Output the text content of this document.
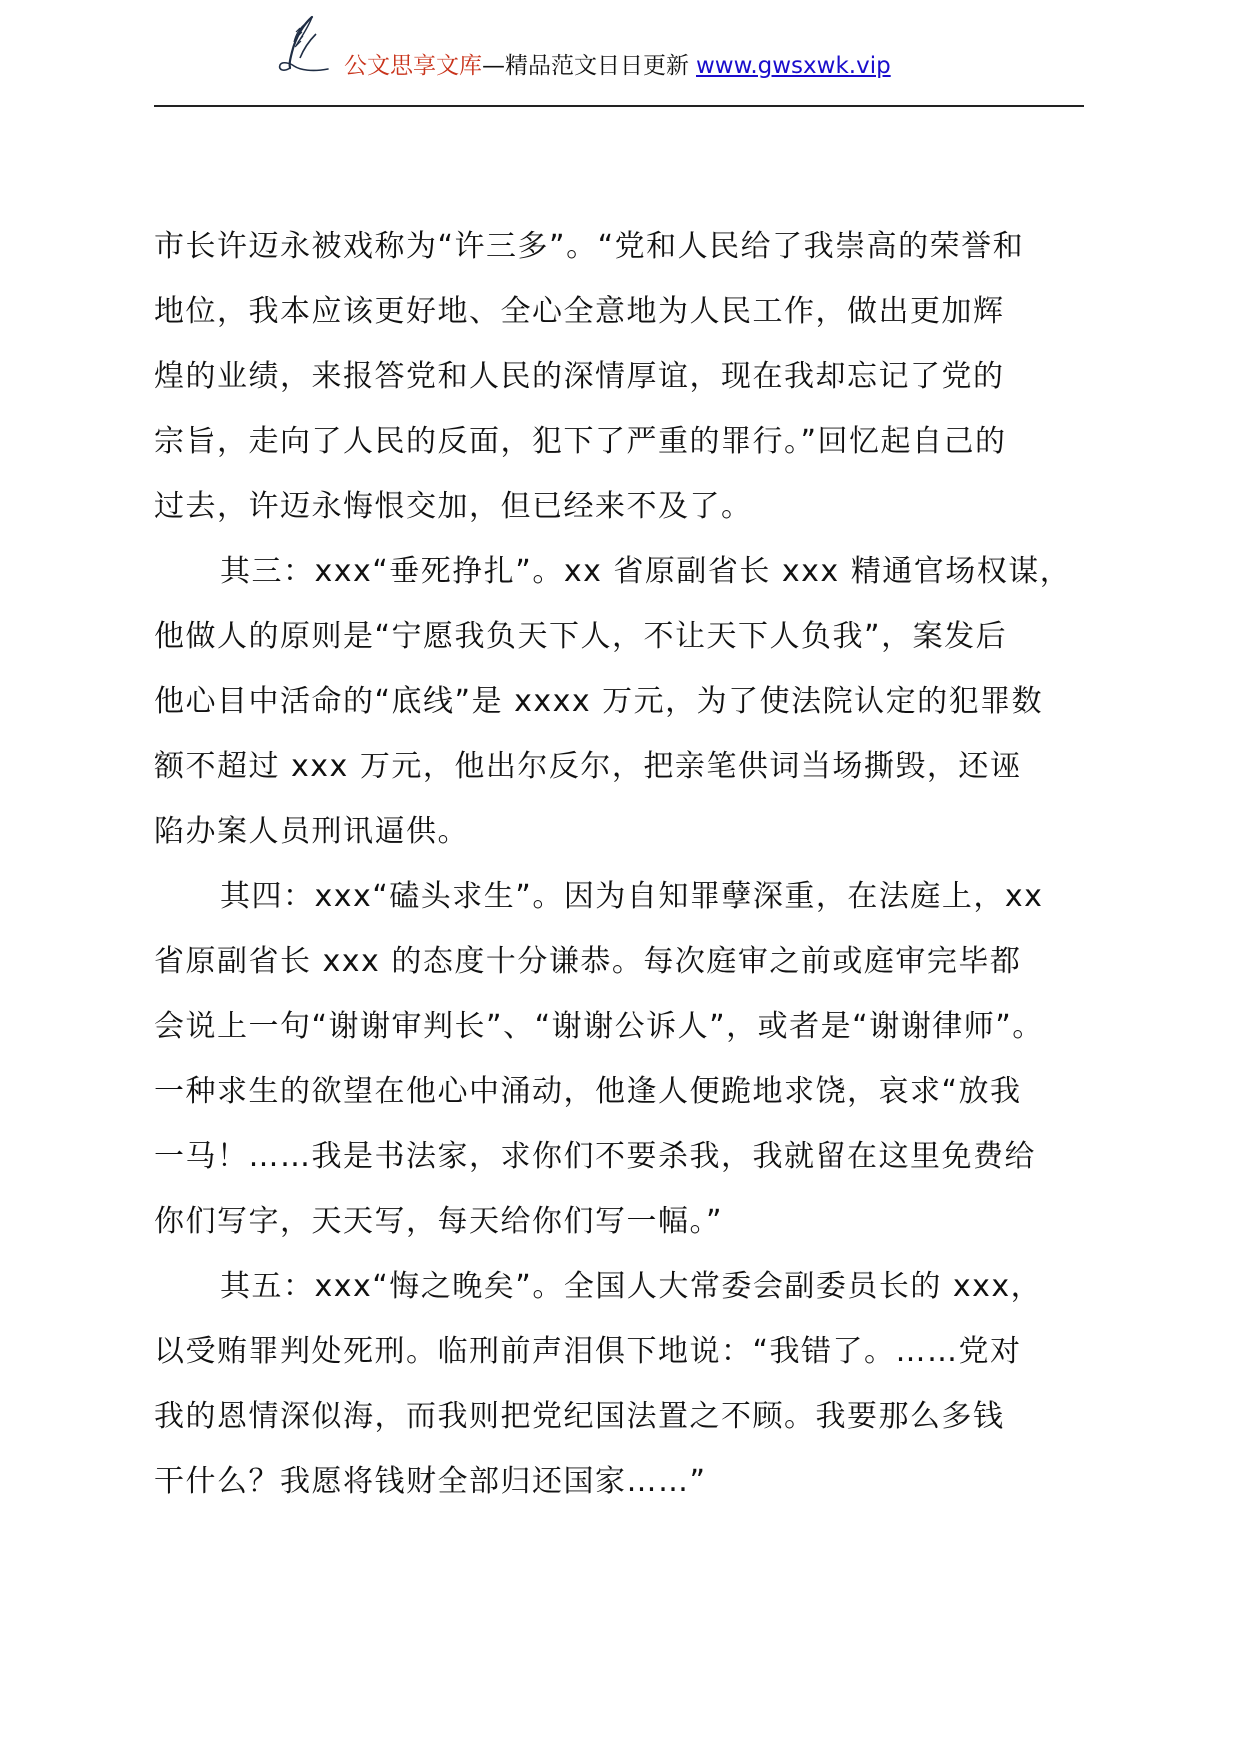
公文思享文库—精品范文日日更新 www.gwsxwk.vip
市长许迈永被戏称为“许三多”。“党和人民给了我崇高的荣誉和
地位，我本应该更好地、全心全意地为人民工作，做出更加辉
煌的业绩，来报答党和人民的深情厚谊，现在我却忘记了党的
宗旨，走向了人民的反面，犯下了严重的罪行。”回忆起自己的
过去，许迈永悔恨交加，但已经来不及了。
其三：xxx“垂死挣扎”。xx 省原副省长 xxx 精通官场权谋，
他做人的原则是“宁愿我负天下人，不让天下人负我”，案发后
他心目中活命的“底线”是 xxxx 万元，为了使法院认定的犯罪数
额不超过 xxx 万元，他出尔反尔，把亲笔供词当场撕毁，还诬
陷办案人员刑讯逼供。
其四：xxx“磕头求生”。因为自知罪孽深重，在法庭上，xx
省原副省长 xxx 的态度十分谦恭。每次庭审之前或庭审完毕都
会说上一句“谢谢审判长”、“谢谢公诉人”，或者是“谢谢律师”。
一种求生的欲望在他心中涌动，他逢人便跪地求饶，哀求“放我
一马！……我是书法家，求你们不要杀我，我就留在这里免费给
你们写字，天天写，每天给你们写一幅。”
其五：xxx“悔之晚矣”。全国人大常委会副委员长的 xxx，
以受贿罪判处死刑。临刑前声泪俱下地说：“我错了。……党对
我的恩情深似海，而我则把党纪国法置之不顾。我要那么多钱
干什么？我愿将钱财全部归还国家……”
